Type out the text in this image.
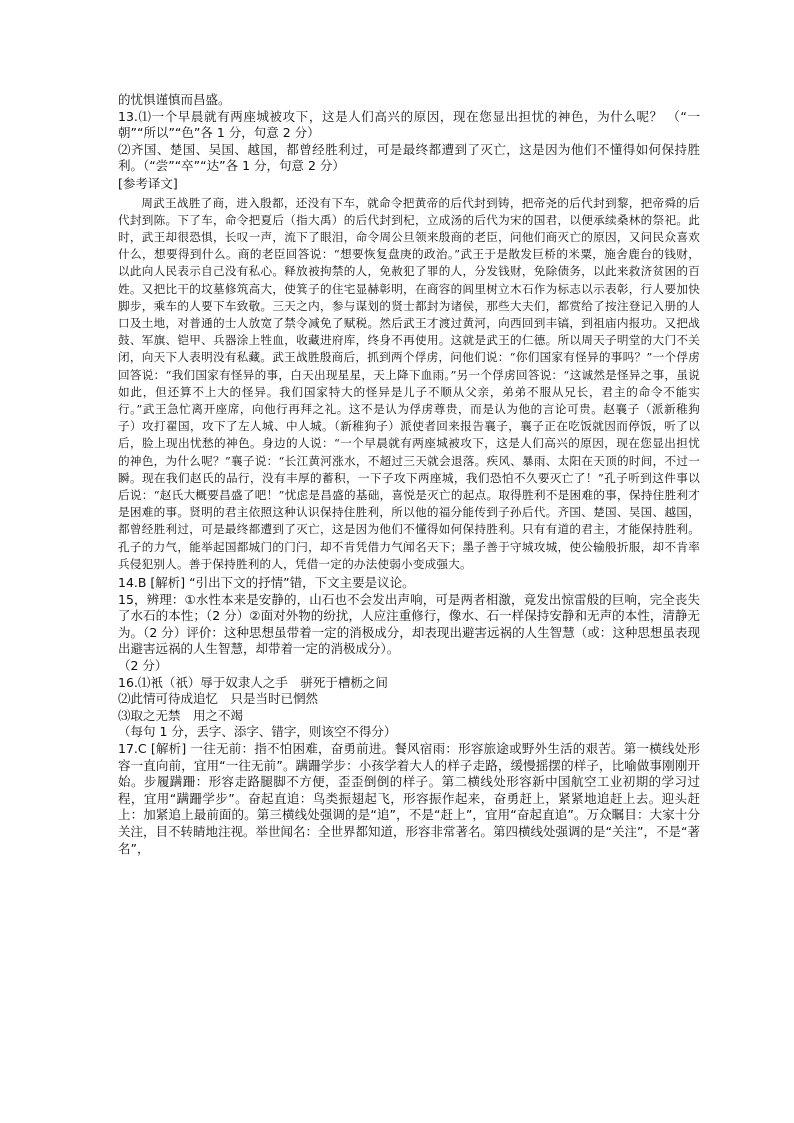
的忧惧谨慎而昌盛。

13.⑴一个早晨就有两座城被攻下，这是人们高兴的原因，现在您显出担忧的神色，为什么呢？ （“一朝”“所以”“色”各 1 分，句意 2 分）

⑵齐国、楚国、吴国、越国，都曾经胜利过，可是最终都遭到了灭亡，这是因为他们不懂得如何保持胜利。（“尝”“卒”“达”各 1 分，句意 2 分）

[参考译文]

周武王战胜了商，进入殷都，还没有下车，就命令把黄帝的后代封到铸，把帝尧的后代封到黎，把帝舜的后代封到陈。下了车，命令把夏后（指大禹）的后代封到杞，立成汤的后代为宋的国君，以便承续桑林的祭祀。此时，武王却很恐惧，长叹一声，流下了眼泪，命令周公旦领来殷商的老臣，问他们商灭亡的原因，又问民众喜欢什么，想要得到什么。商的老臣回答说：“想要恢复盘庚的政治。”武王于是散发巨桥的米粟，施舍鹿台的钱财，以此向人民表示自己没有私心。释放被拘禁的人，免赦犯了罪的人，分发钱财，免除债务，以此来救济贫困的百姓。又把比干的坟墓修筑高大，使箕子的住宅显赫彰明，在商容的闾里树立木石作为标志以示表彰，行人要加快脚步，乘车的人要下车致敬。三天之内，参与谋划的贤士都封为诸侯，那些大夫们，都赏给了按注登记入册的人口及土地，对普通的士人放宽了禁令减免了赋税。然后武王才渡过黄河，向西回到丰镐，到祖庙内报功。又把战鼓、军旗、铠甲、兵器涂上牲血，收藏进府库，终身不再使用。这就是武王的仁德。所以周天子明堂的大门不关闭，向天下人表明没有私藏。武王战胜殷商后，抓到两个俘虏，问他们说：“你们国家有怪异的事吗？”一个俘虏回答说：“我们国家有怪异的事，白天出现星星，天上降下血雨。”另一个俘虏回答说：“这诚然是怪异之事，虽说如此，但还算不上大的怪异。我们国家特大的怪异是儿子不顺从父亲，弟弟不服从兄长，君主的命令不能实行。”武王急忙离开座席，向他行再拜之礼。这不是认为俘虏尊贵，而是认为他的言论可贵。赵襄子（派新稚狗子）攻打翟国，攻下了左人城、中人城。（新稚狗子）派使者回来报告襄子，襄子正在吃饭就因而停饭，听了以后，脸上现出忧愁的神色。身边的人说：“一个早晨就有两座城被攻下，这是人们高兴的原因，现在您显出担忧的神色，为什么呢？”襄子说：“长江黄河涨水，不超过三天就会退落。疾风、暴雨、太阳在天顶的时间，不过一瞬。现在我们赵氏的品行，没有丰厚的蓄积，一下子攻下两座城，我们恐怕不久要灭亡了！”孔子听到这件事以后说：“赵氏大概要昌盛了吧！”忧虑是昌盛的基础，喜悦是灭亡的起点。取得胜利不是困难的事，保持住胜利才是困难的事。贤明的君主依照这种认识保持住胜利，所以他的福分能传到子孙后代。齐国、楚国、吴国、越国，都曾经胜利过，可是最终都遭到了灭亡，这是因为他们不懂得如何保持胜利。只有有道的君主，才能保持胜利。孔子的力气，能举起国都城门的门闩，却不肯凭借力气闻名天下；墨子善于守城攻城，使公输般折服，却不肯率兵侵犯别人。善于保持胜利的人，凭借一定的办法使弱小变成强大。

14.B [解析] “引出下文的抒情”错，下文主要是议论。

15，辨理：①水性本来是安静的，山石也不会发出声响，可是两者相激，竟发出惊雷般的巨响，完全丧失了水石的本性；（2 分）②面对外物的纷扰，人应注重修行，像水、石一样保持安静和无声的本性，清静无为。（2 分）评价：这种思想虽带着一定的消极成分，却表现出避害远祸的人生智慧（或：这种思想虽表现出避害远祸的人生智慧，却带着一定的消极成分）。

（2 分）

16.⑴衹（祇）辱于奴隶人之手　骈死于槽枥之间

⑵此情可待成追忆　只是当时已惘然

⑶取之无禁　用之不竭

（每句 1 分，丢字、添字、错字，则该空不得分）

17.C [解析] 一往无前：指不怕困难，奋勇前进。餐风宿雨：形容旅途或野外生活的艰苦。第一横线处形容一直向前，宜用“一往无前”。蹒跚学步：小孩学着大人的样子走路，缓慢摇摆的样子，比喻做事刚刚开始。步履蹒跚：形容走路腿脚不方便，歪歪倒倒的样子。第二横线处形容新中国航空工业初期的学习过程，宜用“蹒跚学步”。奋起直追：鸟类振翅起飞，形容振作起来，奋勇赶上，紧紧地追赶上去。迎头赶上：加紧追上最前面的。第三横线处强调的是“追”，不是“赶上”，宜用“奋起直追”。万众瞩目：大家十分关注，目不转睛地注视。举世闻名：全世界都知道，形容非常著名。第四横线处强调的是“关注”，不是“著名”，
